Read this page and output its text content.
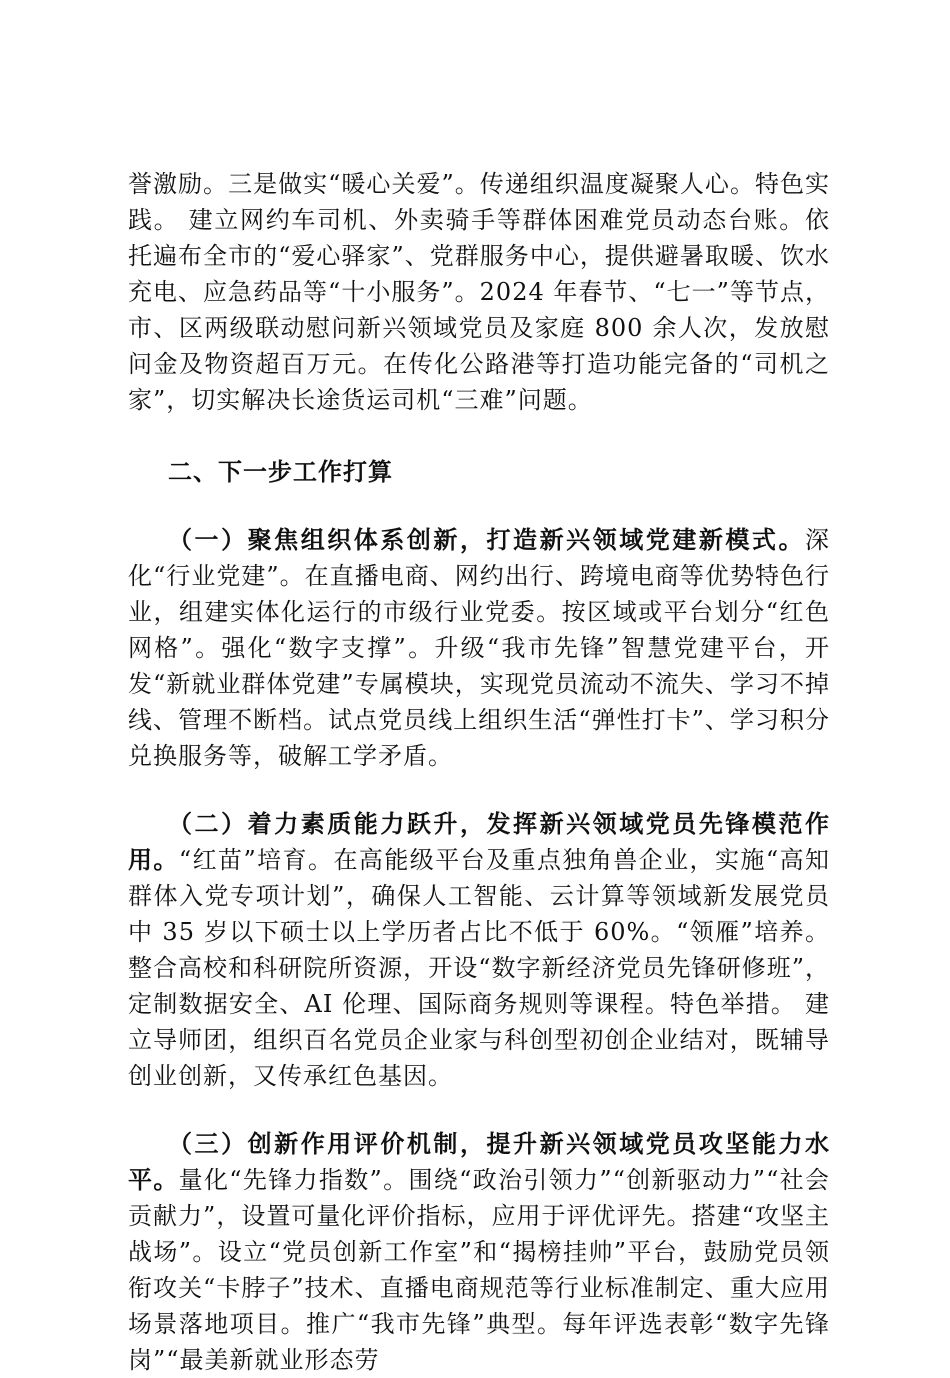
誉激励。三是做实“暖心关爱”。传递组织温度凝聚人心。特色实践。 建立网约车司机、外卖骑手等群体困难党员动态台账。依托遍布全市的“爱心驿家”、党群服务中心，提供避暑取暖、饮水充电、应急药品等“十小服务”。2024 年春节、“七一”等节点，市、区两级联动慰问新兴领域党员及家庭 800 余人次，发放慰问金及物资超百万元。在传化公路港等打造功能完备的“司机之家”，切实解决长途货运司机“三难”问题。

二、下一步工作打算

（一）聚焦组织体系创新，打造新兴领域党建新模式。深化“行业党建”。在直播电商、网约出行、跨境电商等优势特色行业，组建实体化运行的市级行业党委。按区域或平台划分“红色网格”。强化“数字支撑”。升级“我市先锋”智慧党建平台，开发“新就业群体党建”专属模块，实现党员流动不流失、学习不掉线、管理不断档。试点党员线上组织生活“弹性打卡”、学习积分兑换服务等，破解工学矛盾。

（二）着力素质能力跃升，发挥新兴领域党员先锋模范作用。“红苗”培育。在高能级平台及重点独角兽企业，实施“高知群体入党专项计划”，确保人工智能、云计算等领域新发展党员中 35 岁以下硕士以上学历者占比不低于 60%。“领雁”培养。整合高校和科研院所资源，开设“数字新经济党员先锋研修班”，定制数据安全、AI 伦理、国际商务规则等课程。特色举措。 建立导师团，组织百名党员企业家与科创型初创企业结对，既辅导创业创新，又传承红色基因。

（三）创新作用评价机制，提升新兴领域党员攻坚能力水平。量化“先锋力指数”。围绕“政治引领力”“创新驱动力”“社会贡献力”，设置可量化评价指标，应用于评优评先。搭建“攻坚主战场”。设立“党员创新工作室”和“揭榜挂帅”平台，鼓励党员领衔攻关“卡脖子”技术、直播电商规范等行业标准制定、重大应用场景落地项目。推广“我市先锋”典型。每年评选表彰“数字先锋岗”“最美新就业形态劳
